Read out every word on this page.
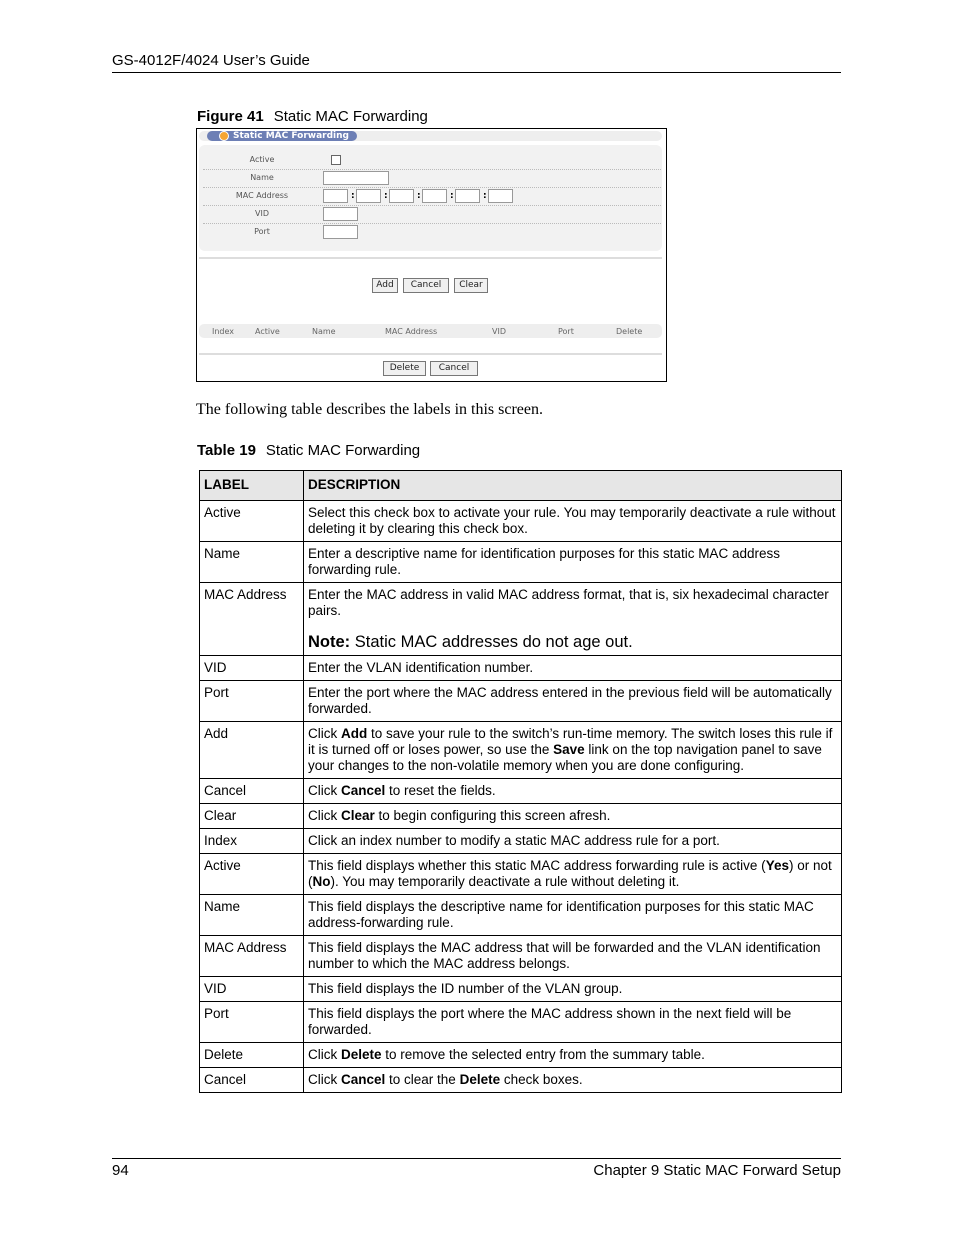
GS-4012F/4024 User’s Guide
Figure 41 Static MAC Forwarding
Static MAC Forwarding
Active
Name
MAC Address	:	:	:	:	:
VID
Port
Add	Cancel	Clear
Index	Active	Name	MAC Address	VID	Port	Delete
Delete	Cancel
The following table describes the labels in this screen.
Table 19 Static MAC Forwarding
LABEL	DESCRIPTION
Active	Select this check box to activate your rule. You may temporarily deactivate a rule without deleting it by clearing this check box.
Name	Enter a descriptive name for identification purposes for this static MAC address forwarding rule.
MAC Address	Enter the MAC address in valid MAC address format, that is, six hexadecimal character pairs.
Note: Static MAC addresses do not age out.

VID	Enter the VLAN identification number.
Port	Enter the port where the MAC address entered in the previous field will be automatically forwarded.
Add	Click Add to save your rule to the switch’s run-time memory. The switch loses this rule if it is turned off or loses power, so use the Save link on the top navigation panel to save your changes to the non-volatile memory when you are done configuring.
Cancel	Click Cancel to reset the fields.
Clear	Click Clear to begin configuring this screen afresh.
Index	Click an index number to modify a static MAC address rule for a port.
Active	This field displays whether this static MAC address forwarding rule is active (Yes) or not (No). You may temporarily deactivate a rule without deleting it.
Name	This field displays the descriptive name for identification purposes for this static MAC address-forwarding rule.
MAC Address	This field displays the MAC address that will be forwarded and the VLAN identification number to which the MAC address belongs.
VID	This field displays the ID number of the VLAN group.
Port	This field displays the port where the MAC address shown in the next field will be forwarded.
Delete	Click Delete to remove the selected entry from the summary table.
Cancel	Click Cancel to clear the Delete check boxes.
94	Chapter 9 Static MAC Forward Setup
